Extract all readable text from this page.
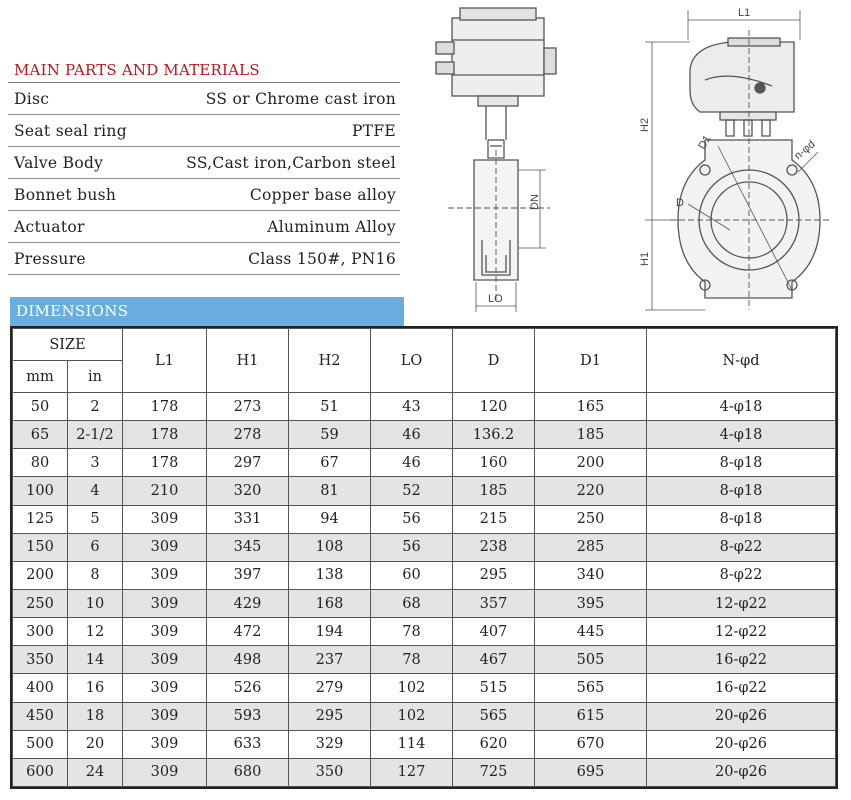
MAIN PARTS AND MATERIALS
Disc	SS or Chrome cast iron
Seat seal ring	PTFE
Valve Body	SS,Cast iron,Carbon steel
Bonnet bush	Copper base alloy
Actuator	Aluminum Alloy
Pressure	Class 150#, PN16
DN
LO
L1
H2
H1
D1
D
n-φd
DIMENSIONS
SIZE		L1	H1	H2	LO	D	D1	N-φd
mm	in							
50	2	178	273	51	43	120	165	4-φ18
65	2-1/2	178	278	59	46	136.2	185	4-φ18
80	3	178	297	67	46	160	200	8-φ18
100	4	210	320	81	52	185	220	8-φ18
125	5	309	331	94	56	215	250	8-φ18
150	6	309	345	108	56	238	285	8-φ22
200	8	309	397	138	60	295	340	8-φ22
250	10	309	429	168	68	357	395	12-φ22
300	12	309	472	194	78	407	445	12-φ22
350	14	309	498	237	78	467	505	16-φ22
400	16	309	526	279	102	515	565	16-φ22
450	18	309	593	295	102	565	615	20-φ26
500	20	309	633	329	114	620	670	20-φ26
600	24	309	680	350	127	725	695	20-φ26
